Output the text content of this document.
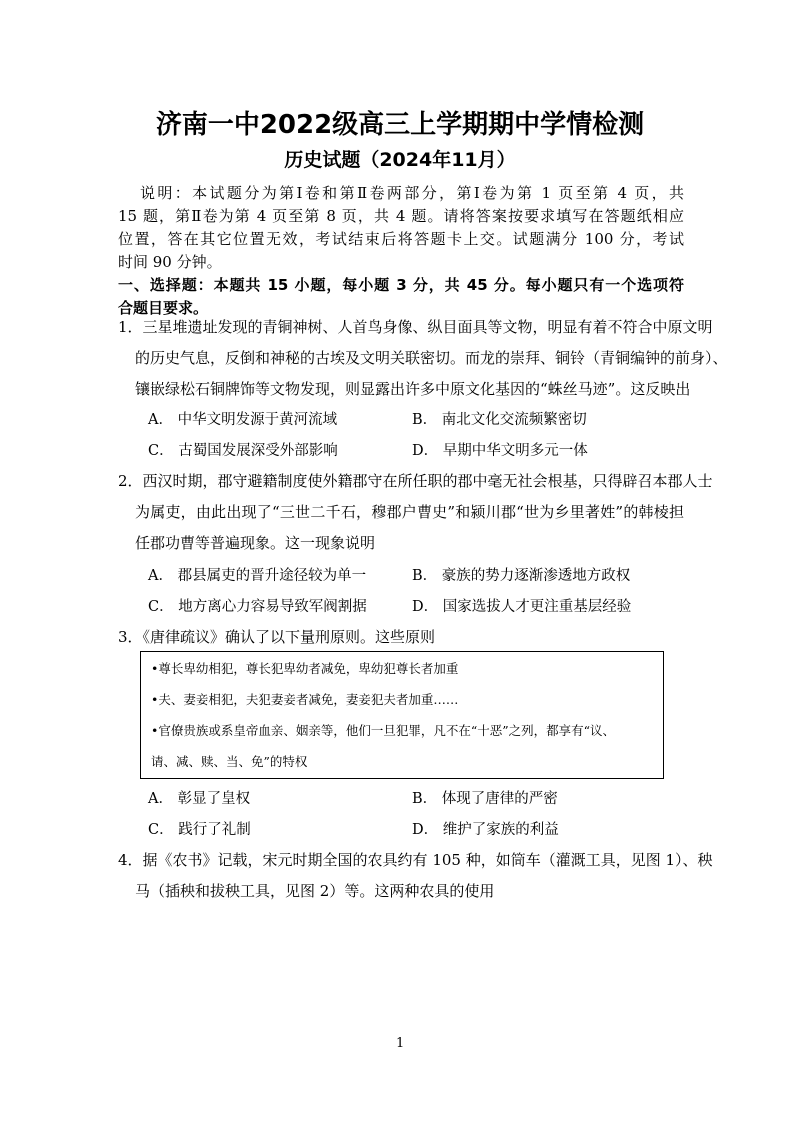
济南一中2022级高三上学期期中学情检测
历史试题（2024年11月）
说明：本试题分为第Ⅰ卷和第Ⅱ卷两部分，第Ⅰ卷为第 1 页至第 4 页，共
15 题，第Ⅱ卷为第 4 页至第 8 页，共 4 题。请将答案按要求填写在答题纸相应
位置，答在其它位置无效，考试结束后将答题卡上交。试题满分 100 分，考试
时间 90 分钟。
一、选择题：本题共 15 小题，每小题 3 分，共 45 分。每小题只有一个选项符
合题目要求。
1．三星堆遗址发现的青铜神树、人首鸟身像、纵目面具等文物，明显有着不符合中原文明
的历史气息，反倒和神秘的古埃及文明关联密切。而龙的崇拜、铜铃（青铜编钟的前身）、
镶嵌绿松石铜牌饰等文物发现，则显露出许多中原文化基因的“蛛丝马迹”。这反映出
A． 中华文明发源于黄河流域	B． 南北文化交流频繁密切
C． 古蜀国发展深受外部影响	D． 早期中华文明多元一体
2．西汉时期，郡守避籍制度使外籍郡守在所任职的郡中毫无社会根基，只得辟召本郡人士
为属吏，由此出现了“三世二千石，穆郡户曹史”和颍川郡“世为乡里著姓”的韩棱担
任郡功曹等普遍现象。这一现象说明
A． 郡县属吏的晋升途径较为单一	B． 豪族的势力逐渐渗透地方政权
C． 地方离心力容易导致军阀割据	D． 国家选拔人才更注重基层经验
3．《唐律疏议》确认了以下量刑原则。这些原则
•尊长卑幼相犯，尊长犯卑幼者减免，卑幼犯尊长者加重
•夫、妻妾相犯，夫犯妻妾者减免，妻妾犯夫者加重……
•官僚贵族或系皇帝血亲、姻亲等，他们一旦犯罪，凡不在“十恶”之列，都享有“议、
请、减、赎、当、免”的特权
A． 彰显了皇权	B． 体现了唐律的严密
C． 践行了礼制	D． 维护了家族的利益
4．据《农书》记载，宋元时期全国的农具约有 105 种，如筒车（灌溉工具，见图 1）、秧
马（插秧和拔秧工具，见图 2）等。这两种农具的使用
1
